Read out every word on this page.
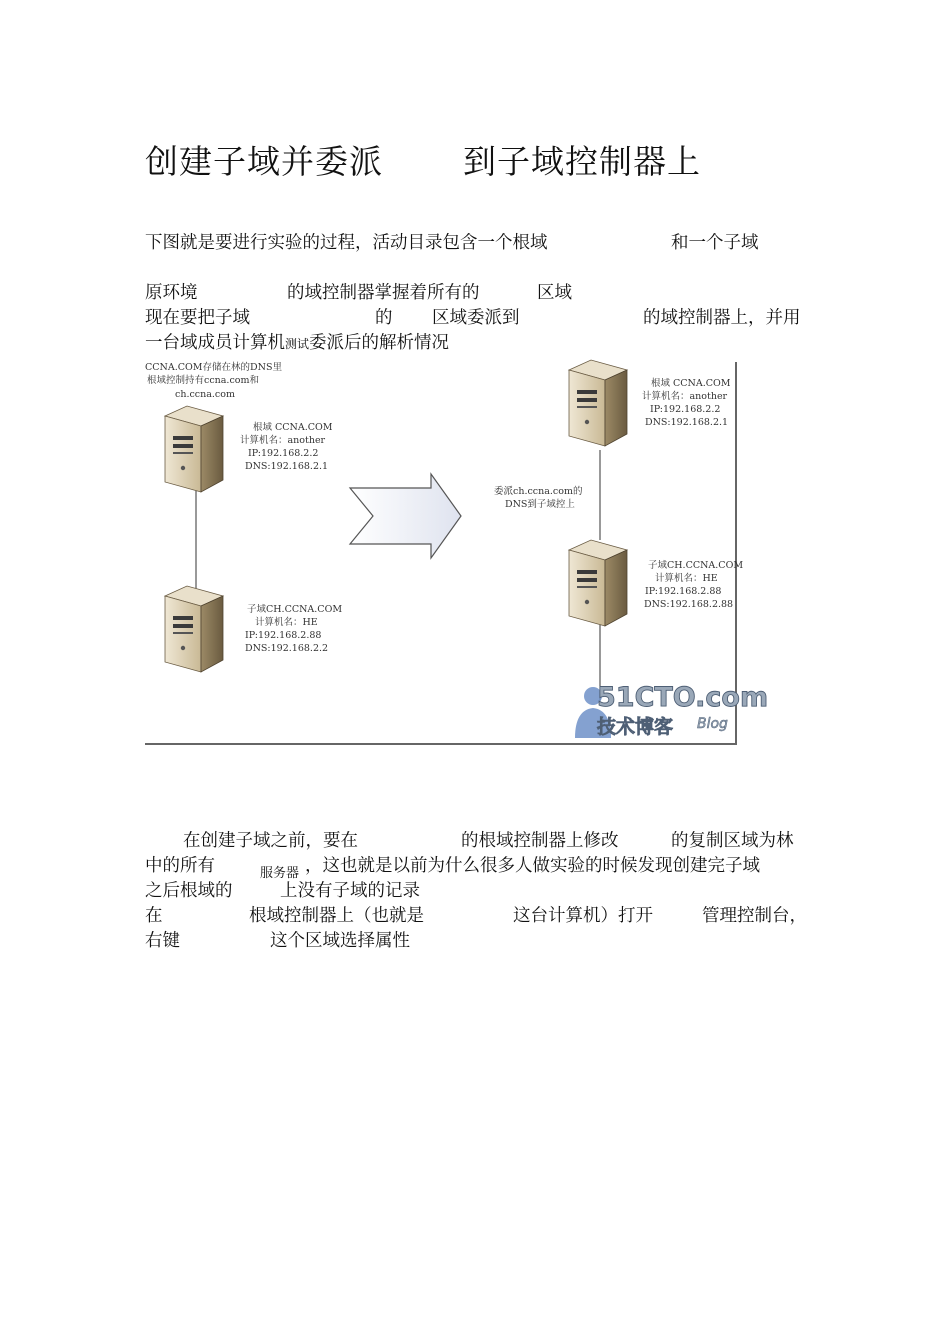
创建子域并委派 到子域控制器上
下图就是要进行实验的过程，活动目录包含一个根域	和一个子域
原环境	的域控制器掌握着所有的	区域
现在要把子域	的 区域委派到	的域控制器上，并用
一台域成员计算机测试委派后的解析情况
CCNA.COM存储在林的DNS里
根域控制持有ccna.com和
ch.ccna.com
根域 CCNA.COM
计算机名：another
IP:192.168.2.2
DNS:192.168.2.1
子域CH.CCNA.COM
计算机名：HE
IP:192.168.2.88
DNS:192.168.2.2
委派ch.ccna.com的
DNS到子域控上
根域 CCNA.COM
计算机名：another
IP:192.168.2.2
DNS:192.168.2.1
子域CH.CCNA.COM
计算机名：HE
IP:192.168.2.88
DNS:192.168.2.88
51CTO.com
技术博客 Blog
在创建子域之前，要在	的根域控制器上修改	的复制区域为林
中的所有	服务器 ，这也就是以前为什么很多人做实验的时候发现创建完子域
之后根域的	上没有子域的记录
在	根域控制器上（也就是	这台计算机）打开	管理控制台，
右键	这个区域选择属性
